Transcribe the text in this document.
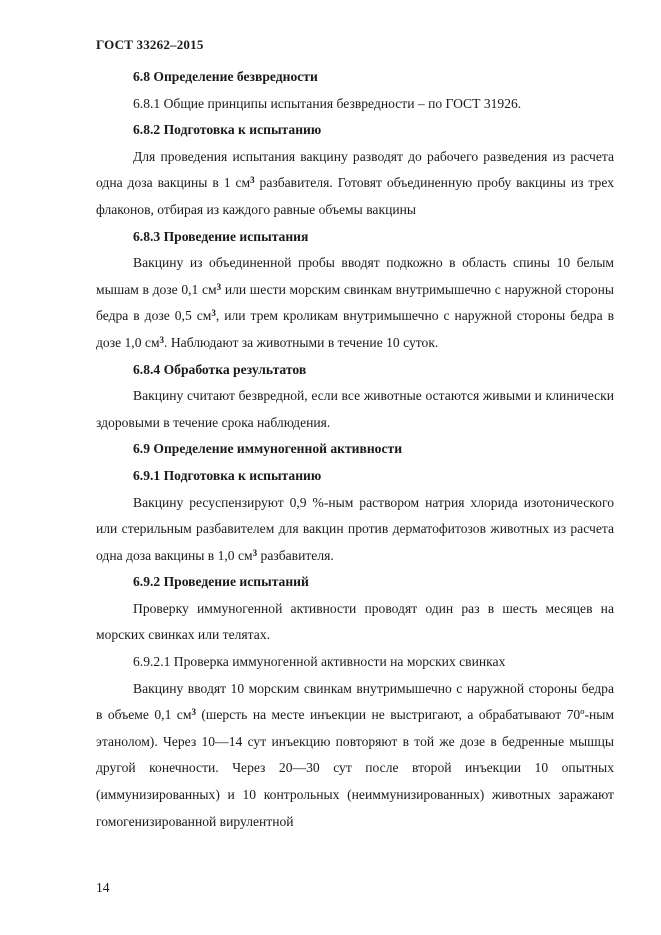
ГОСТ 33262–2015

6.8 Определение безвредности

6.8.1 Общие принципы испытания безвредности – по ГОСТ 31926.

6.8.2 Подготовка к испытанию

Для проведения испытания вакцину разводят до рабочего разведения из расчета одна доза вакцины в 1 $см^3$ разбавителя. Готовят объединенную пробу вакцины из трех флаконов, отбирая из каждого равные объемы вакцины

6.8.3 Проведение испытания

Вакцину из объединенной пробы вводят подкожно в область спины 10 белым мышам в дозе 0,1 $см^3$ или шести морским свинкам внутримышечно с наружной стороны бедра в дозе 0,5 $см^3$, или трем кроликам внутримышечно с наружной стороны бедра в дозе 1,0 $см^3$. Наблюдают за животными в течение 10 суток.

6.8.4 Обработка результатов

Вакцину считают безвредной, если все животные остаются живыми и клинически здоровыми в течение срока наблюдения.

6.9 Определение иммуногенной активности

6.9.1 Подготовка к испытанию

Вакцину ресуспензируют 0,9 %-ным раствором натрия хлорида изотонического или стерильным разбавителем для вакцин против дерматофитозов животных из расчета одна доза вакцины в 1,0 $см^3$ разбавителя.

6.9.2 Проведение испытаний

Проверку иммуногенной активности проводят один раз в шесть месяцев на морских свинках или телятах.

6.9.2.1 Проверка иммуногенной активности на морских свинках

Вакцину вводят 10 морским свинкам внутримышечно с наружной стороны бедра в объеме 0,1 $см^3$ (шерсть на месте инъекции не выстригают, а обрабатывают 70º-ным этанолом). Через 10—14 сут инъекцию повторяют в той же дозе в бедренные мышцы другой конечности. Через 20—30 сут после второй инъекции 10 опытных (иммунизированных) и 10 контрольных (неиммунизированных) животных заражают гомогенизированной вирулентной

14
